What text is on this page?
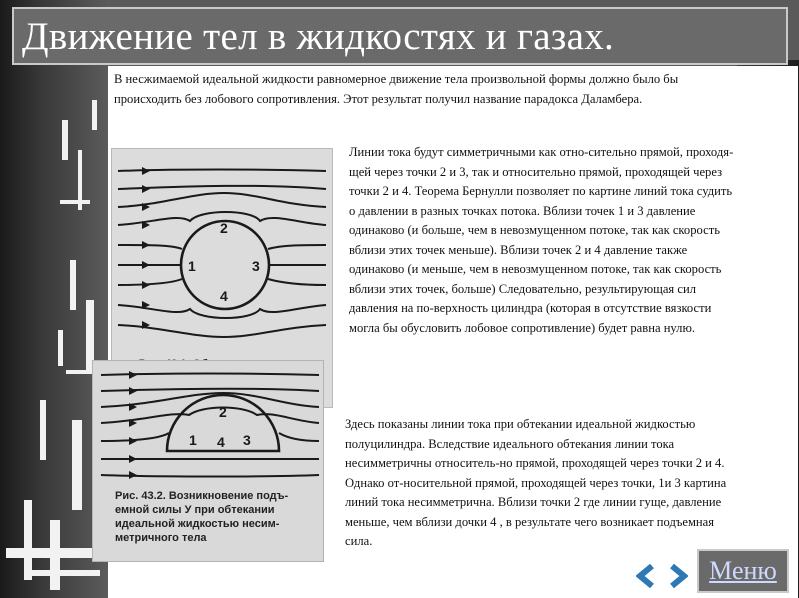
Движение тел в жидкостях и газах.
В несжимаемой идеальной жидкости равномерное движение тела произвольной формы должно было бы происходить без лобового сопротивления. Этот результат получил название парадокса Даламбера.
2
1	3
4
2
1	3
4
Рис. 43.2. Возникновение подъ-
емной силы У при обтекании
идеальной жидкостью несим-
метричного тела
Линии тока будут симметричными как отно-сительно прямой, проходя-щей через точки 2 и 3, так и относительно прямой, проходящей через точки 2 и 4. Теорема Бернулли позволяет по картине линий тока судить о давлении в разных точках потока. Вблизи точек 1 и 3 давление одинаково (и больше, чем в невозмущенном потоке, так как скорость вблизи этих точек меньше). Вблизи точек 2 и 4 давление также одинаково (и меньше, чем в невозмущенном потоке, так как скорость вблизи этих точек, больше) Следовательно, результирующая сил давления на по-верхность цилиндра (которая в отсутствие вязкости могла бы обусловить лобовое сопротивление) будет равна нулю.
Здесь показаны линии тока при обтекании идеальной жидкостью полуцилиндра. Вследствие идеального обтекания линии тока несимметричны относитель-но прямой, проходящей через точки 2 и 4. Однако от-носительной прямой, проходящей через точки, 1и 3 картина линий тока несимметрична. Вблизи точки 2 где линии гуще, давление меньше, чем вблизи дочки 4 , в результате чего возникает подъемная сила.
Меню
